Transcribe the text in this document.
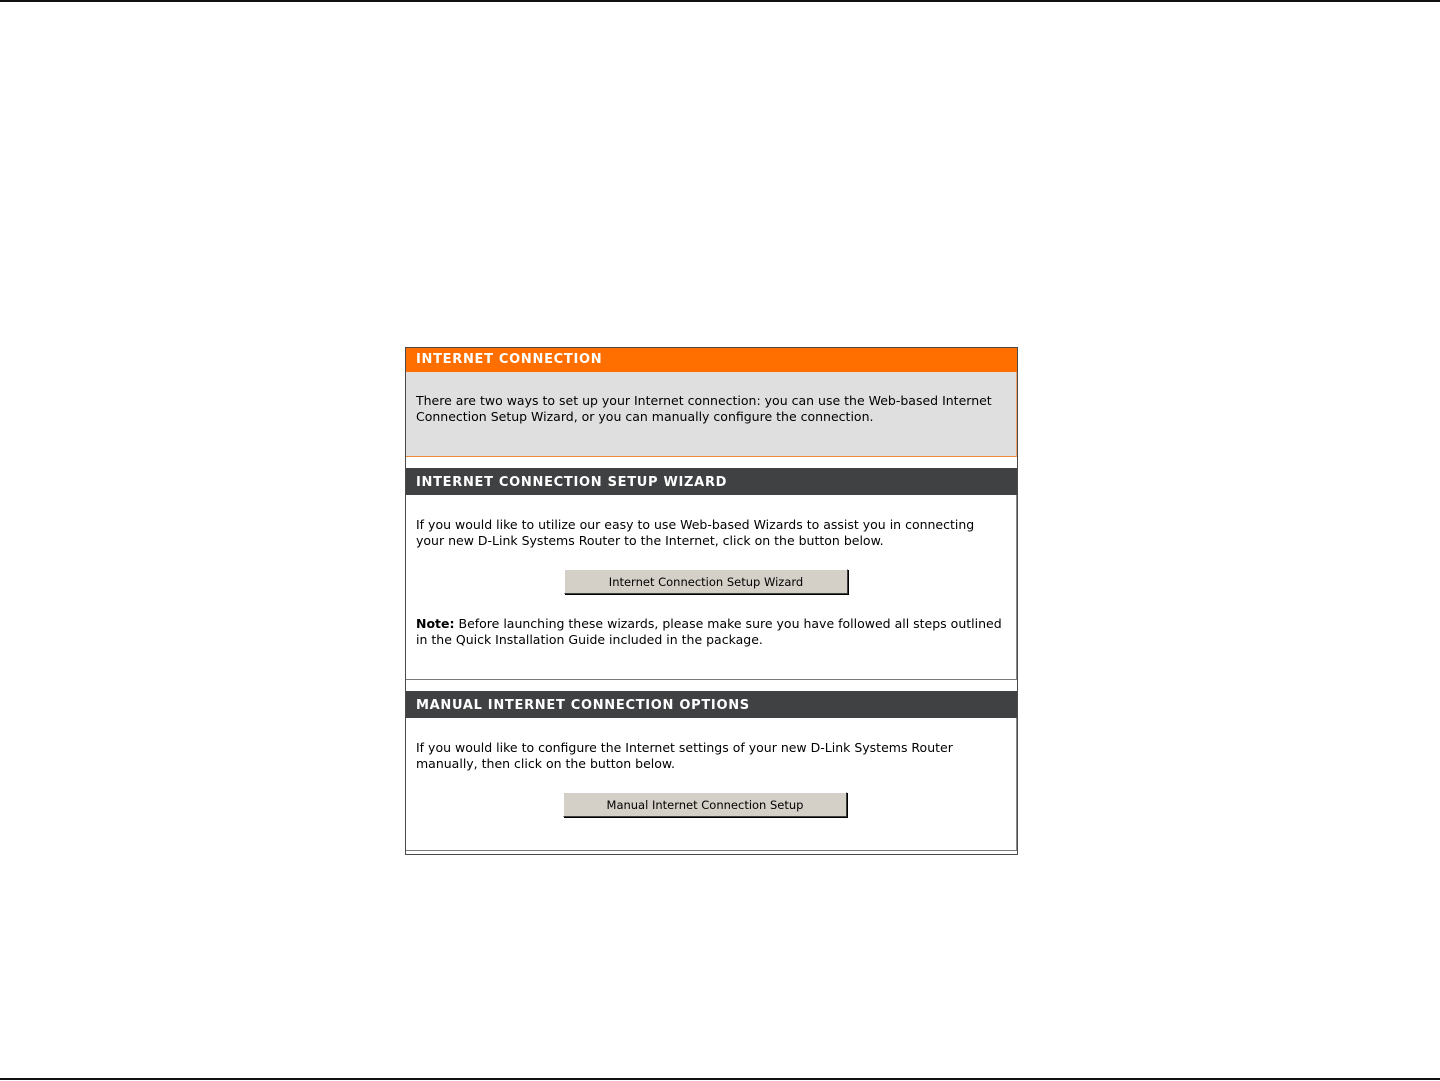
INTERNET CONNECTION
There are two ways to set up your Internet connection: you can use the Web-based Internet Connection Setup Wizard, or you can manually configure the connection.
INTERNET CONNECTION SETUP WIZARD
If you would like to utilize our easy to use Web-based Wizards to assist you in connecting your new D-Link Systems Router to the Internet, click on the button below.
Internet Connection Setup Wizard
Note: Before launching these wizards, please make sure you have followed all steps outlined in the Quick Installation Guide included in the package.
MANUAL INTERNET CONNECTION OPTIONS
If you would like to configure the Internet settings of your new D-Link Systems Router manually, then click on the button below.
Manual Internet Connection Setup
